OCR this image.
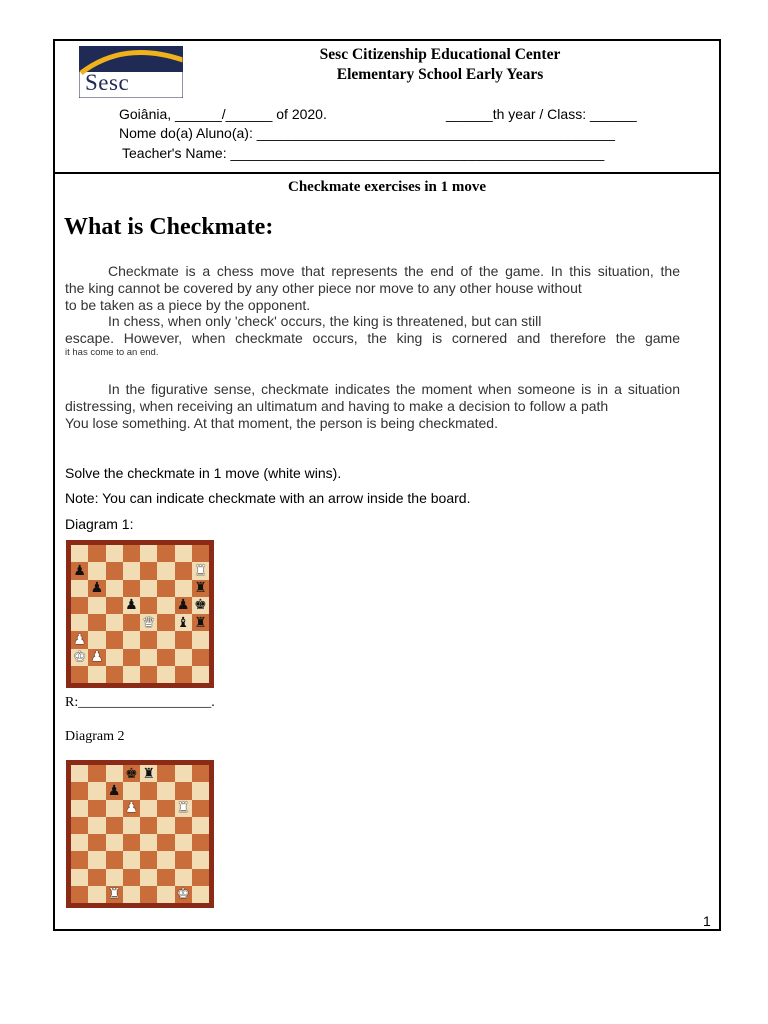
Sesc
Sesc Citizenship Educational Center
Elementary School Early Years
Goiânia, ______/______ of 2020.	______th year / Class: ______
Nome do(a) Aluno(a): ______________________________________________
Teacher's Name: ________________________________________________
Checkmate exercises in 1 move
What is Checkmate:
Checkmate is a chess move that represents the end of the game. In this situation, the
the king cannot be covered by any other piece nor move to any other house without
to be taken as a piece by the opponent.
In chess, when only 'check' occurs, the king is threatened, but can still
escape. However, when checkmate occurs, the king is cornered and therefore the game
it has come to an end.
In the figurative sense, checkmate indicates the moment when someone is in a situation
distressing, when receiving an ultimatum and having to make a decision to follow a path
You lose something. At that moment, the person is being checkmated.
Solve the checkmate in 1 move (white wins).
Note: You can indicate checkmate with an arrow inside the board.
Diagram 1:
♟	♜
♟	♜
♟	♟ ♚
♛ ♝ ♜
♟
♚ ♟
R:___________________.
Diagram 2
♚ ♜
♟
♟	♜
♜	♚
1
